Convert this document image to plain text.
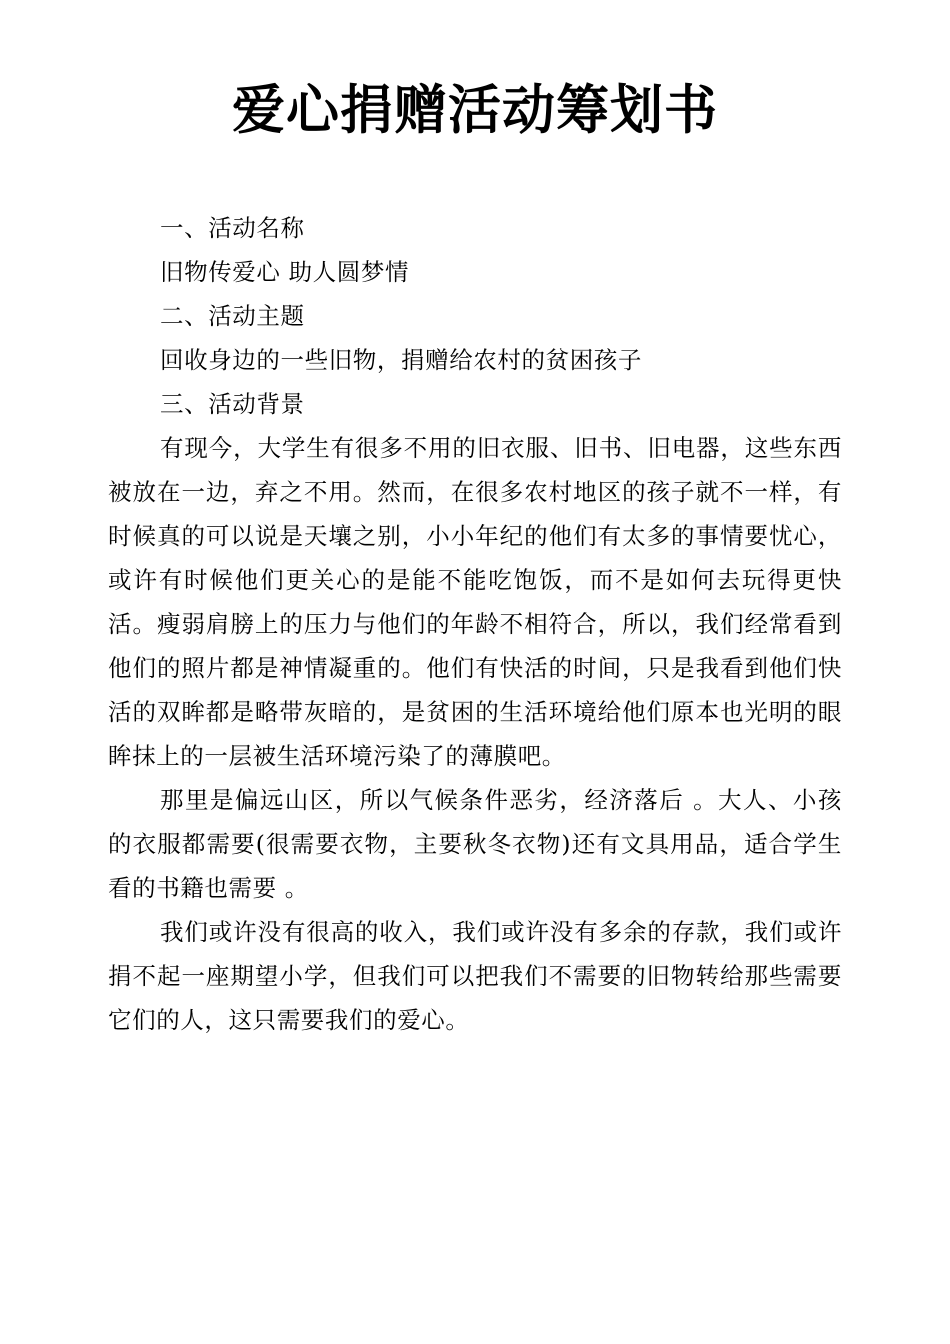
爱心捐赠活动筹划书

一、活动名称

旧物传爱心 助人圆梦情

二、活动主题

回收身边的一些旧物，捐赠给农村的贫困孩子

三、活动背景

有现今，大学生有很多不用的旧衣服、旧书、旧电器，这些东西被放在一边，弃之不用。然而，在很多农村地区的孩子就不一样，有时候真的可以说是天壤之别，小小年纪的他们有太多的事情要忧心，或许有时候他们更关心的是能不能吃饱饭，而不是如何去玩得更快活。瘦弱肩膀上的压力与他们的年龄不相符合，所以，我们经常看到他们的照片都是神情凝重的。他们有快活的时间，只是我看到他们快活的双眸都是略带灰暗的，是贫困的生活环境给他们原本也光明的眼眸抹上的一层被生活环境污染了的薄膜吧。

那里是偏远山区，所以气候条件恶劣，经济落后 。大人、小孩的衣服都需要(很需要衣物，主要秋冬衣物)还有文具用品，适合学生看的书籍也需要 。

我们或许没有很高的收入，我们或许没有多余的存款，我们或许捐不起一座期望小学，但我们可以把我们不需要的旧物转给那些需要它们的人，这只需要我们的爱心。
